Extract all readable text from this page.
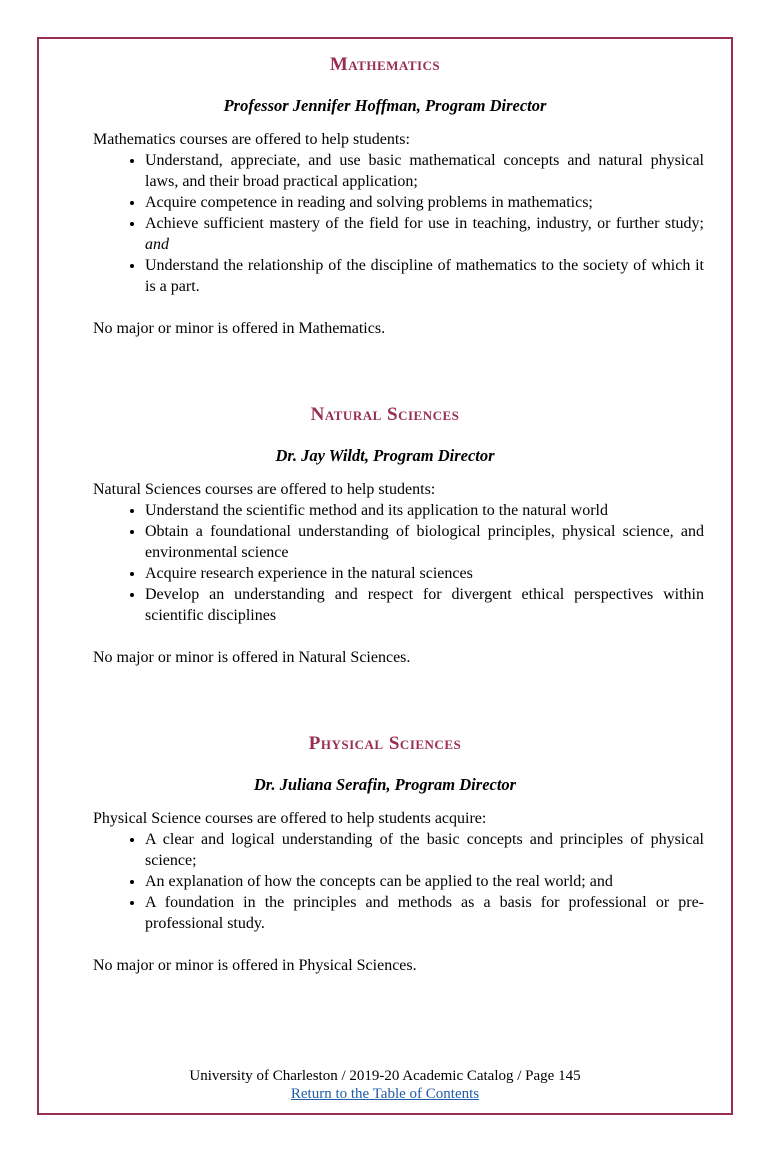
Mathematics

Professor Jennifer Hoffman, Program Director

Mathematics courses are offered to help students:

• Understand, appreciate, and use basic mathematical concepts and natural physical laws, and their broad practical application;
• Acquire competence in reading and solving problems in mathematics;
• Achieve sufficient mastery of the field for use in teaching, industry, or further study; and
• Understand the relationship of the discipline of mathematics to the society of which it is a part.

No major or minor is offered in Mathematics.

Natural Sciences

Dr. Jay Wildt, Program Director

Natural Sciences courses are offered to help students:

• Understand the scientific method and its application to the natural world
• Obtain a foundational understanding of biological principles, physical science, and environmental science
• Acquire research experience in the natural sciences
• Develop an understanding and respect for divergent ethical perspectives within scientific disciplines

No major or minor is offered in Natural Sciences.

Physical Sciences

Dr. Juliana Serafin, Program Director

Physical Science courses are offered to help students acquire:

• A clear and logical understanding of the basic concepts and principles of physical science;
• An explanation of how the concepts can be applied to the real world; and
• A foundation in the principles and methods as a basis for professional or pre-professional study.

No major or minor is offered in Physical Sciences.

University of Charleston / 2019-20 Academic Catalog / Page 145
Return to the Table of Contents
